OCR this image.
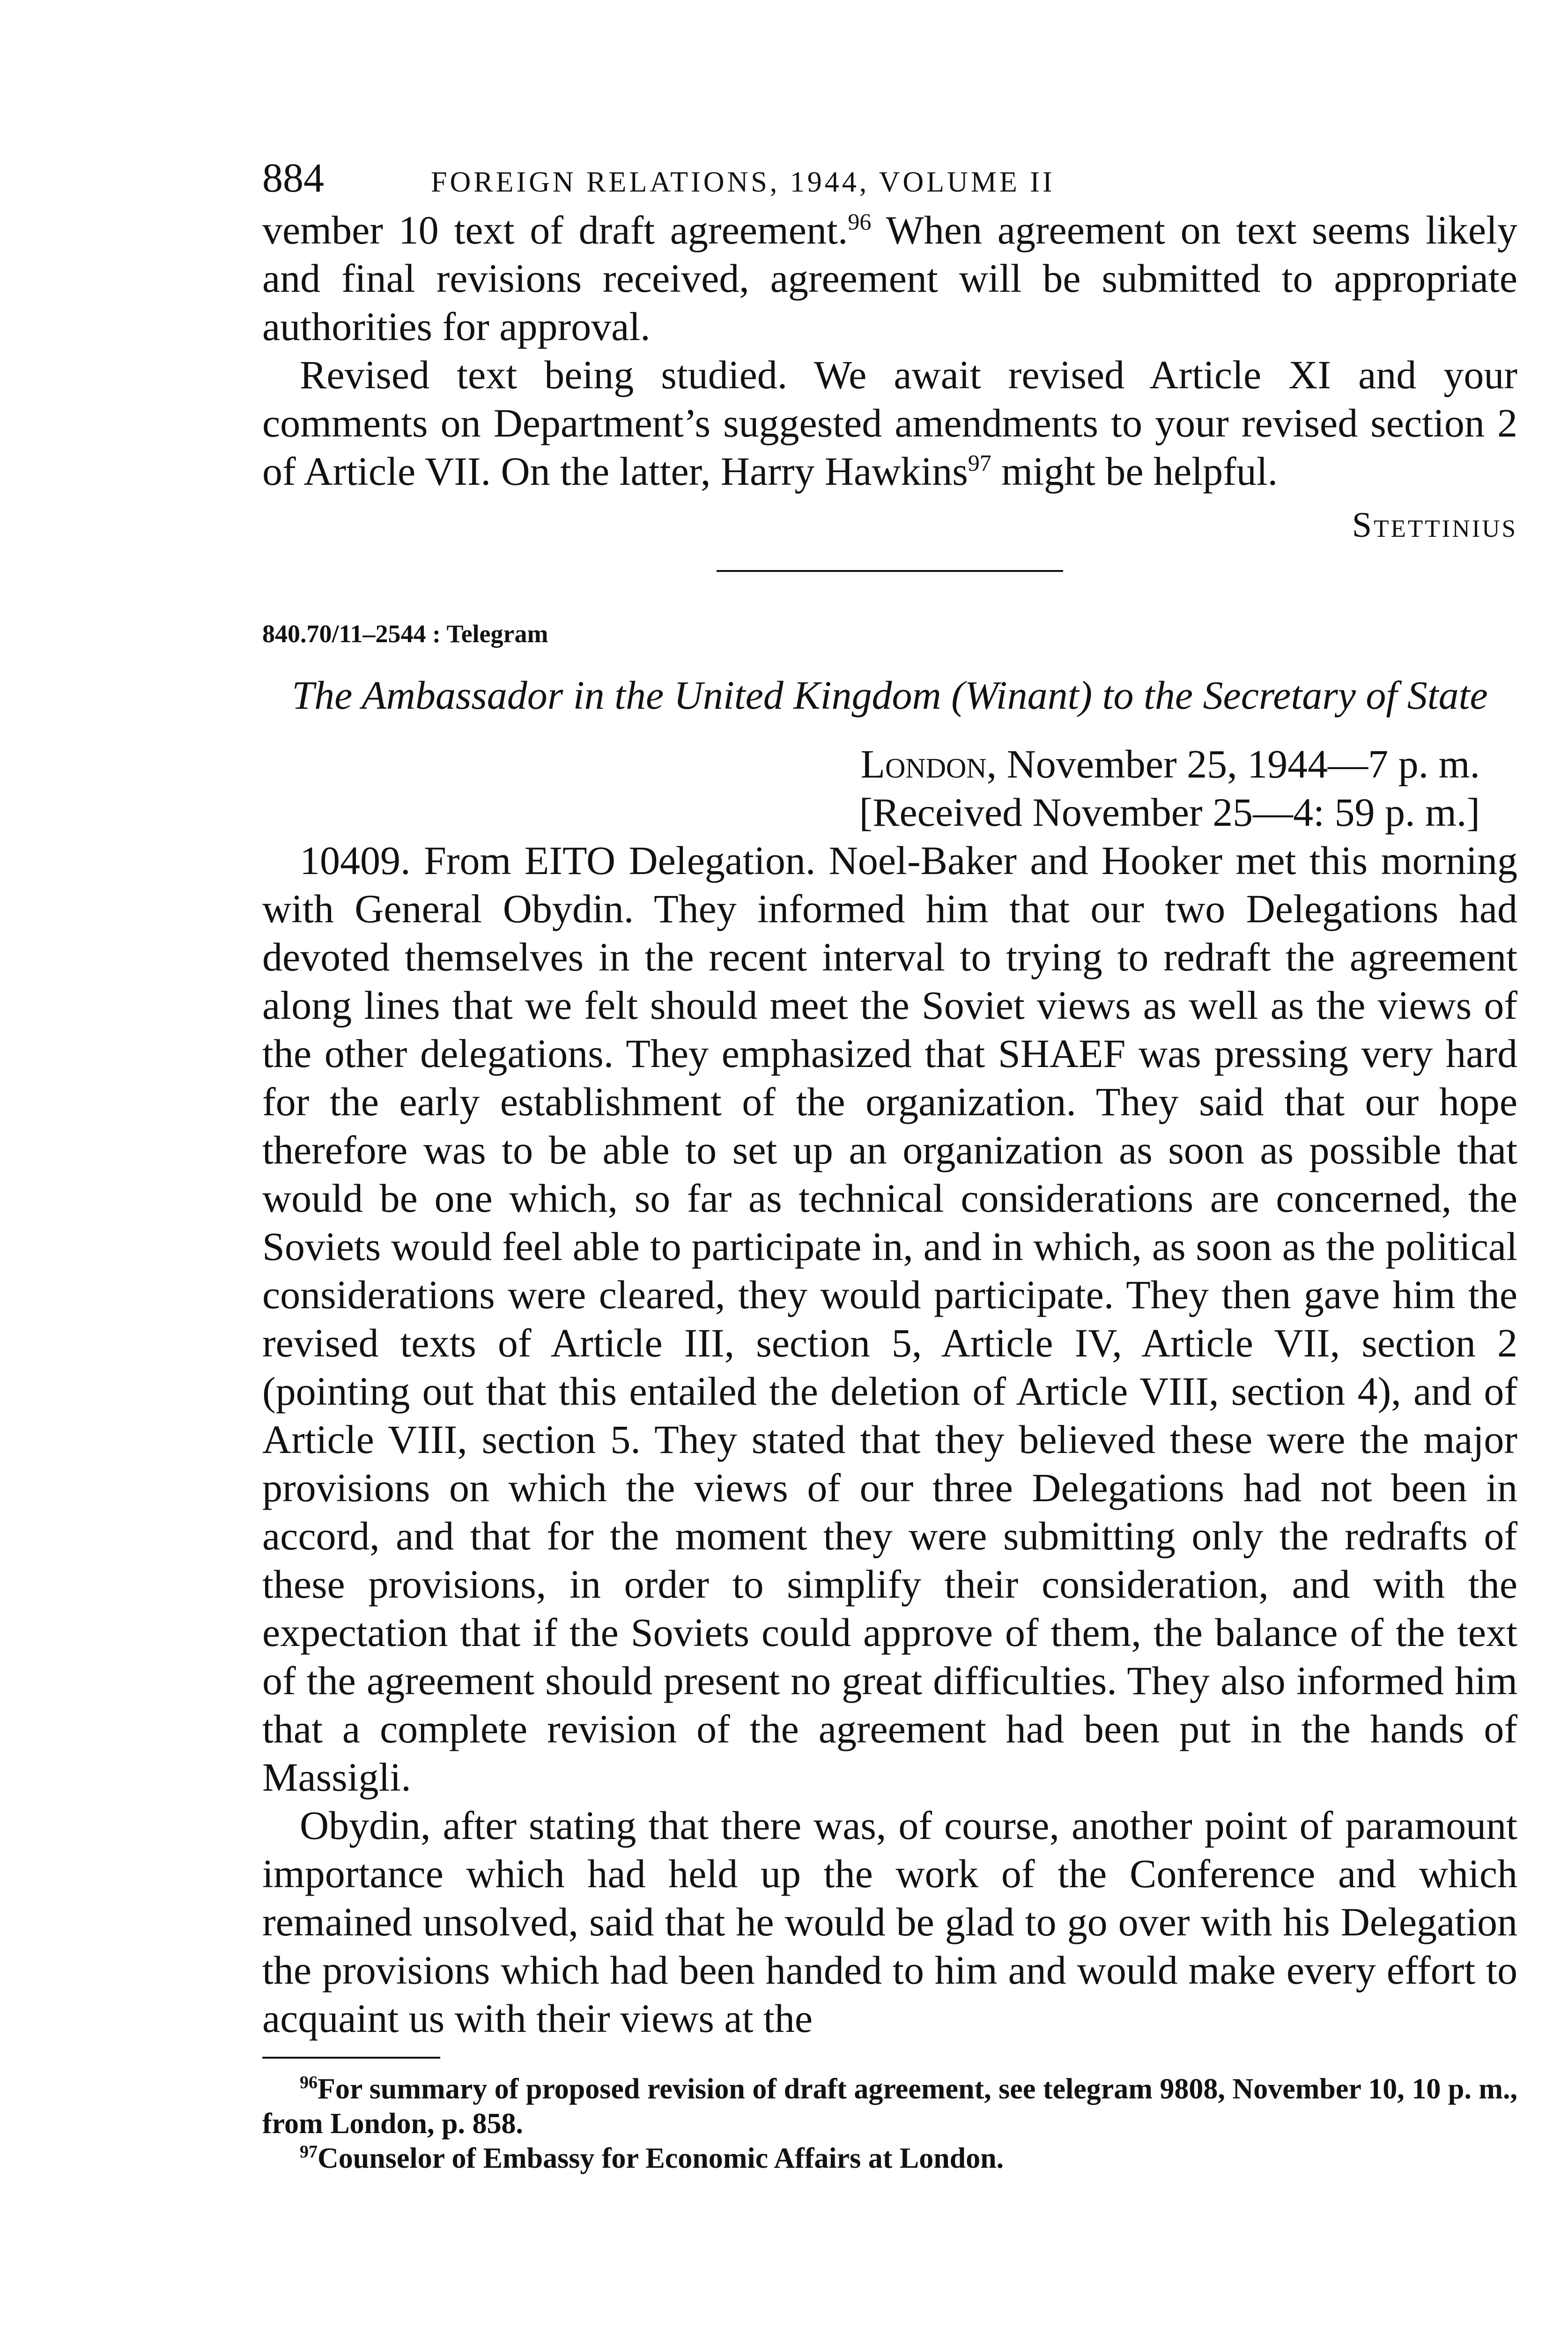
884	FOREIGN RELATIONS, 1944, VOLUME II

vember 10 text of draft agreement.$^{96}$ When agreement on text seems likely and final revisions received, agreement will be submitted to appropriate authorities for approval.

Revised text being studied. We await revised Article XI and your comments on Department’s suggested amendments to your revised section 2 of Article VII. On the latter, Harry Hawkins$^{97}$ might be helpful.

Stettinius
840.70/11–2544 : Telegram
The Ambassador in the United Kingdom (Winant) to the Secretary of State
London, November 25, 1944—7 p. m.
[Received November 25—4: 59 p. m.]

10409. From EITO Delegation. Noel-Baker and Hooker met this morning with General Obydin. They informed him that our two Delegations had devoted themselves in the recent interval to trying to redraft the agreement along lines that we felt should meet the Soviet views as well as the views of the other delegations. They emphasized that SHAEF was pressing very hard for the early establishment of the organization. They said that our hope therefore was to be able to set up an organization as soon as possible that would be one which, so far as technical considerations are concerned, the Soviets would feel able to participate in, and in which, as soon as the political considerations were cleared, they would participate. They then gave him the revised texts of Article III, section 5, Article IV, Article VII, section 2 (pointing out that this entailed the deletion of Article VIII, section 4), and of Article VIII, section 5. They stated that they believed these were the major provisions on which the views of our three Delegations had not been in accord, and that for the moment they were submitting only the redrafts of these provisions, in order to simplify their consideration, and with the expectation that if the Soviets could approve of them, the balance of the text of the agreement should present no great difficulties. They also informed him that a complete revision of the agreement had been put in the hands of Massigli.

Obydin, after stating that there was, of course, another point of paramount importance which had held up the work of the Conference and which remained unsolved, said that he would be glad to go over with his Delegation the provisions which had been handed to him and would make every effort to acquaint us with their views at the

$^{96}$For summary of proposed revision of draft agreement, see telegram 9808, November 10, 10 p. m., from London, p. 858.
$^{97}$Counselor of Embassy for Economic Affairs at London.
